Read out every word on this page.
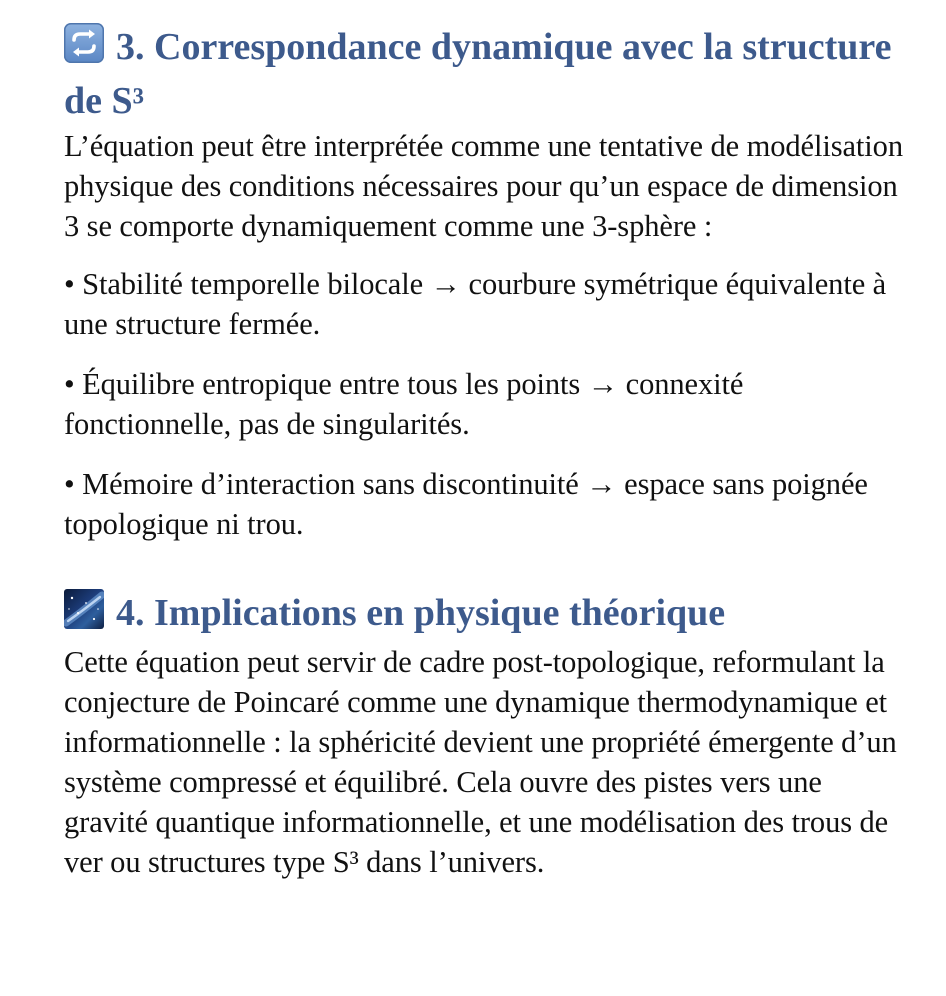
3. Correspondance dynamique avec la structure de S³

L’équation peut être interprétée comme une tentative de modélisation physique des conditions nécessaires pour qu’un espace de dimension 3 se comporte dynamiquement comme une 3-sphère :

• Stabilité temporelle bilocale → courbure symétrique équivalente à une structure fermée.

• Équilibre entropique entre tous les points → connexité fonctionnelle, pas de singularités.

• Mémoire d’interaction sans discontinuité → espace sans poignée topologique ni trou.

4. Implications en physique théorique

Cette équation peut servir de cadre post-topologique, reformulant la conjecture de Poincaré comme une dynamique thermodynamique et informationnelle : la sphéricité devient une propriété émergente d’un système compressé et équilibré. Cela ouvre des pistes vers une gravité quantique informationnelle, et une modélisation des trous de ver ou structures type S³ dans l’univers.
